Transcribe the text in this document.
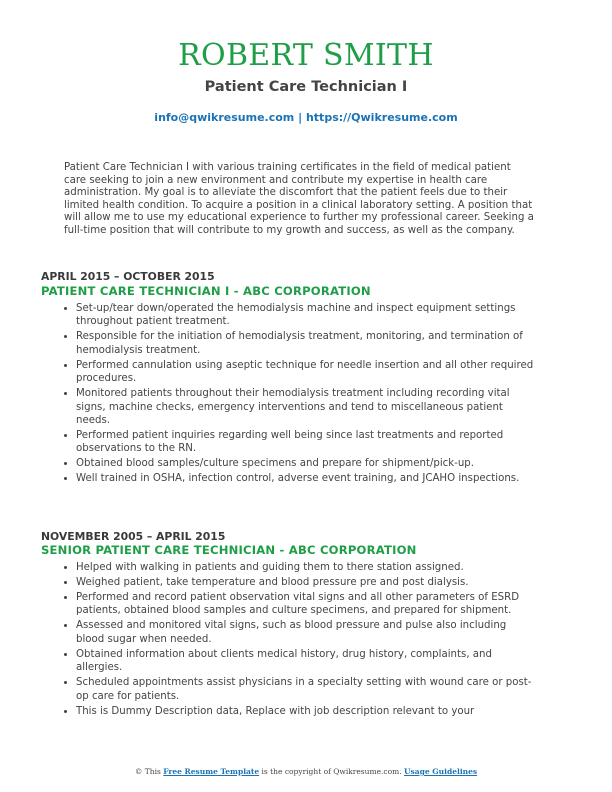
ROBERT SMITH
Patient Care Technician I
info@qwikresume.com | https://Qwikresume.com
Patient Care Technician I with various training certificates in the field of medical patient care seeking to join a new environment and contribute my expertise in health care administration. My goal is to alleviate the discomfort that the patient feels due to their limited health condition. To acquire a position in a clinical laboratory setting. A position that will allow me to use my educational experience to further my professional career. Seeking a full-time position that will contribute to my growth and success, as well as the company.
APRIL 2015 – OCTOBER 2015
PATIENT CARE TECHNICIAN I - ABC CORPORATION
• Set-up/tear down/operated the hemodialysis machine and inspect equipment settings throughout patient treatment.
• Responsible for the initiation of hemodialysis treatment, monitoring, and termination of hemodialysis treatment.
• Performed cannulation using aseptic technique for needle insertion and all other required procedures.
• Monitored patients throughout their hemodialysis treatment including recording vital signs, machine checks, emergency interventions and tend to miscellaneous patient needs.
• Performed patient inquiries regarding well being since last treatments and reported observations to the RN.
• Obtained blood samples/culture specimens and prepare for shipment/pick-up.
• Well trained in OSHA, infection control, adverse event training, and JCAHO inspections.
NOVEMBER 2005 – APRIL 2015
SENIOR PATIENT CARE TECHNICIAN - ABC CORPORATION
• Helped with walking in patients and guiding them to there station assigned.
• Weighed patient, take temperature and blood pressure pre and post dialysis.
• Performed and record patient observation vital signs and all other parameters of ESRD patients, obtained blood samples and culture specimens, and prepared for shipment.
• Assessed and monitored vital signs, such as blood pressure and pulse also including blood sugar when needed.
• Obtained information about clients medical history, drug history, complaints, and allergies.
• Scheduled appointments assist physicians in a specialty setting with wound care or post-op care for patients.
• This is Dummy Description data, Replace with job description relevant to your
© This Free Resume Template is the copyright of Qwikresume.com. Usage Guidelines
